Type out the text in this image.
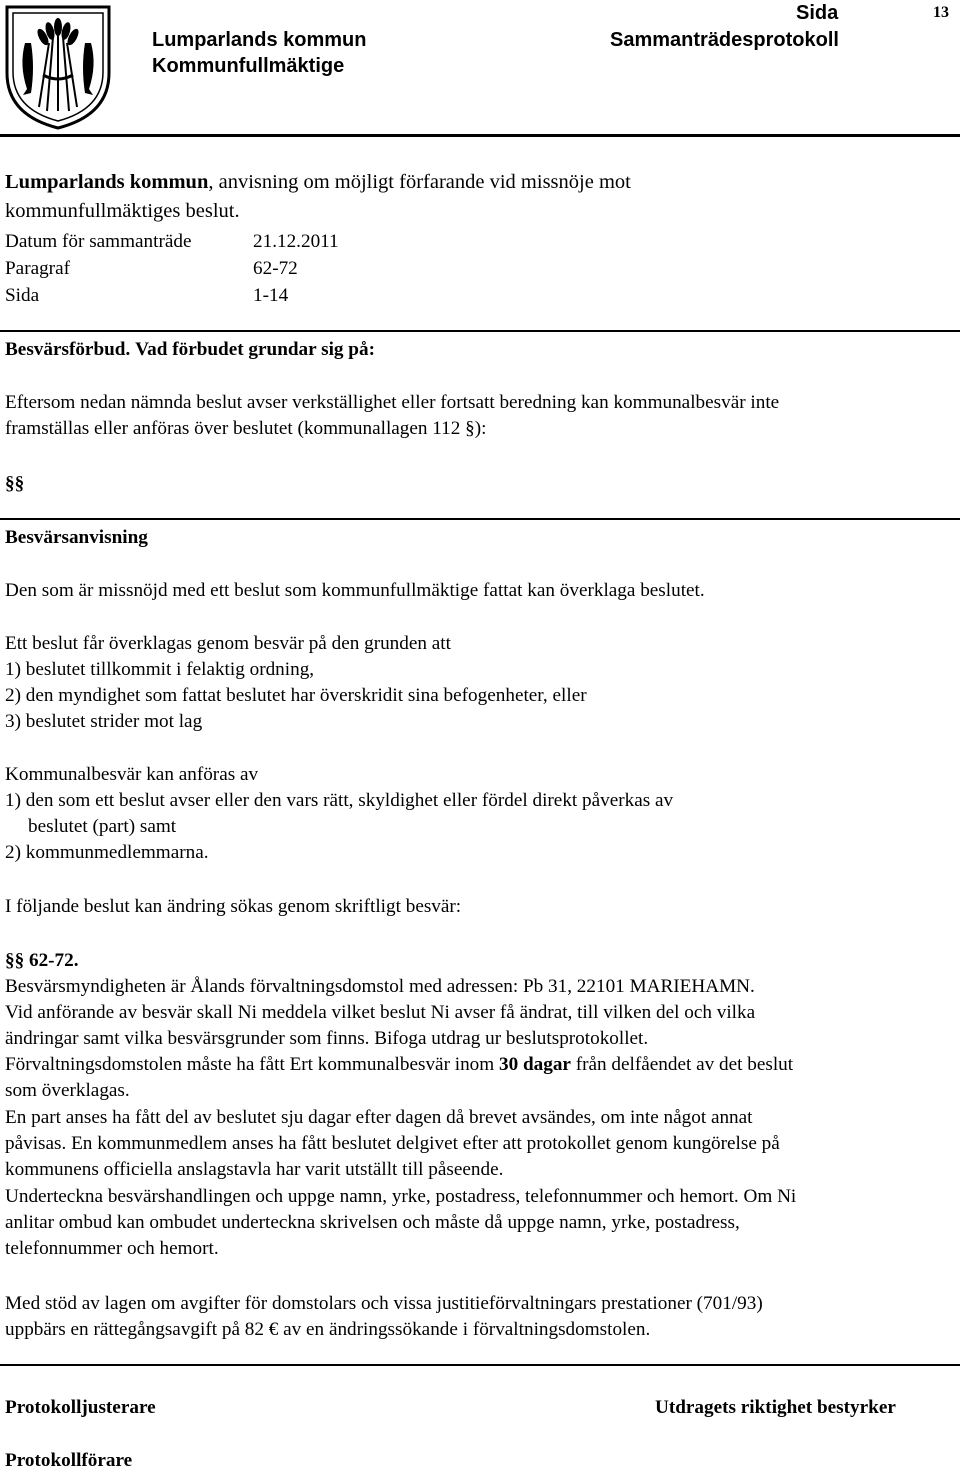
Lumparlands kommun
Kommunfullmäktige
Sida
Sammanträdesprotokoll
13
Lumparlands kommun, anvisning om möjligt förfarande vid missnöje mot
kommunfullmäktiges beslut.
Datum för sammanträde	21.12.2011
Paragraf	62-72
Sida	1-14
Besvärsförbud. Vad förbudet grundar sig på:
Eftersom nedan nämnda beslut avser verkställighet eller fortsatt beredning kan kommunalbesvär inte
framställas eller anföras över beslutet (kommunallagen 112 §):
§§
Besvärsanvisning
Den som är missnöjd med ett beslut som kommunfullmäktige fattat kan överklaga beslutet.
Ett beslut får överklagas genom besvär på den grunden att
1) beslutet tillkommit i felaktig ordning,
2) den myndighet som fattat beslutet har överskridit sina befogenheter, eller
3) beslutet strider mot lag
Kommunalbesvär kan anföras av
1) den som ett beslut avser eller den vars rätt, skyldighet eller fördel direkt påverkas av
beslutet (part) samt
2) kommunmedlemmarna.
I följande beslut kan ändring sökas genom skriftligt besvär:
§§ 62-72.
Besvärsmyndigheten är Ålands förvaltningsdomstol med adressen: Pb 31, 22101 MARIEHAMN.
Vid anförande av besvär skall Ni meddela vilket beslut Ni avser få ändrat, till vilken del och vilka
ändringar samt vilka besvärsgrunder som finns. Bifoga utdrag ur beslutsprotokollet.
Förvaltningsdomstolen måste ha fått Ert kommunalbesvär inom 30 dagar från delfåendet av det beslut
som överklagas.
En part anses ha fått del av beslutet sju dagar efter dagen då brevet avsändes, om inte något annat
påvisas. En kommunmedlem anses ha fått beslutet delgivet efter att protokollet genom kungörelse på
kommunens officiella anslagstavla har varit utställt till påseende.
Underteckna besvärshandlingen och uppge namn, yrke, postadress, telefonnummer och hemort. Om Ni
anlitar ombud kan ombudet underteckna skrivelsen och måste då uppge namn, yrke, postadress,
telefonnummer och hemort.
Med stöd av lagen om avgifter för domstolars och vissa justitieförvaltningars prestationer (701/93)
uppbärs en rättegångsavgift på 82 € av en ändringssökande i förvaltningsdomstolen.
Protokolljusterare	Utdragets riktighet bestyrker
Protokollförare
